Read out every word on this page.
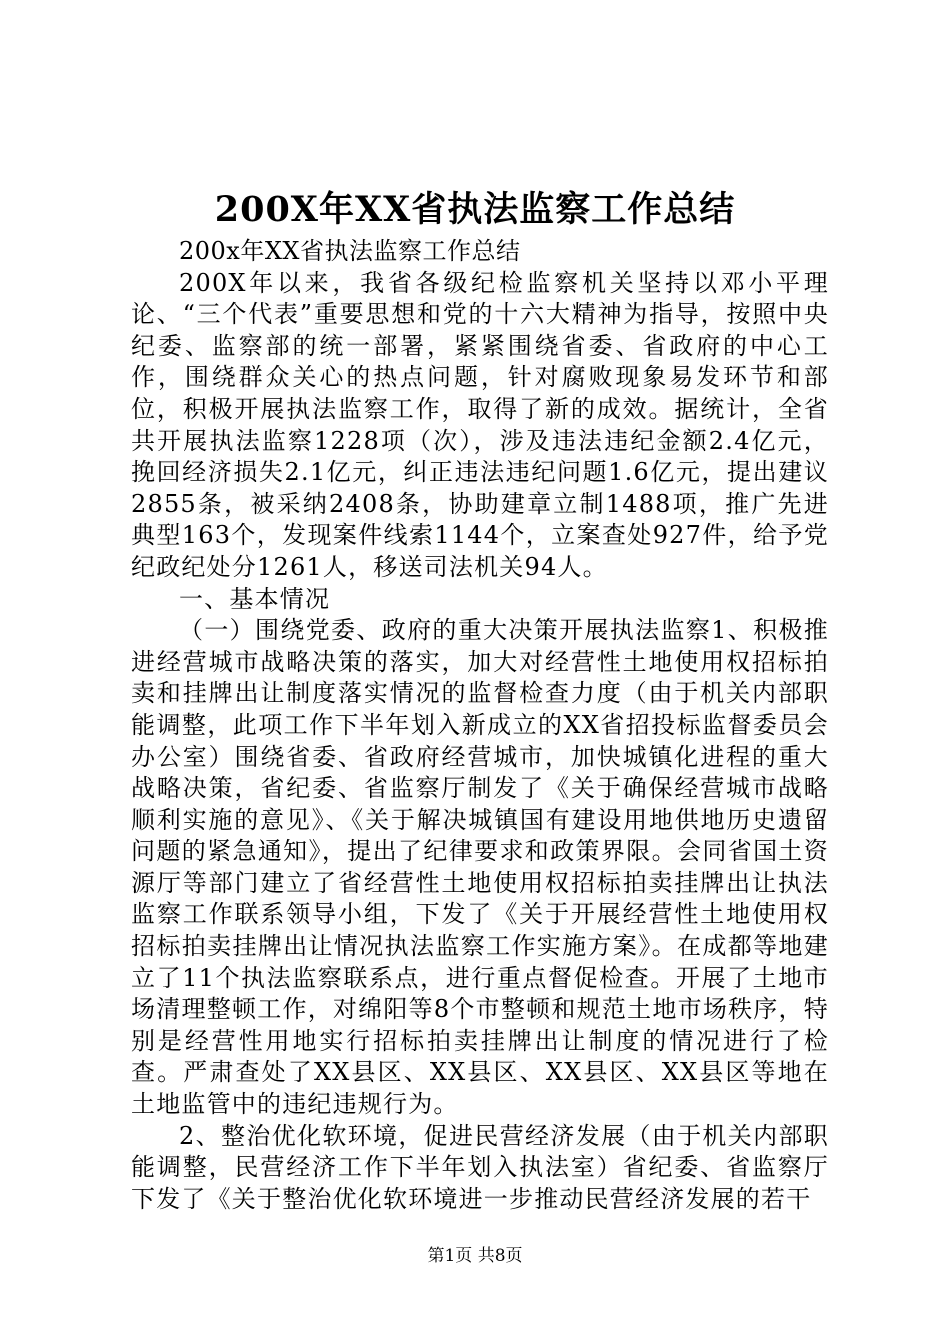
200X年XX省执法监察工作总结

200x年XX省执法监察工作总结

200X年以来，我省各级纪检监察机关坚持以邓小平理论、“三个代表”重要思想和党的十六大精神为指导，按照中央纪委、监察部的统一部署，紧紧围绕省委、省政府的中心工作，围绕群众关心的热点问题，针对腐败现象易发环节和部位，积极开展执法监察工作，取得了新的成效。据统计，全省共开展执法监察1228项（次），涉及违法违纪金额2.4亿元，挽回经济损失2.1亿元，纠正违法违纪问题1.6亿元，提出建议2855条，被采纳2408条，协助建章立制1488项，推广先进典型163个，发现案件线索1144个，立案查处927件，给予党纪政纪处分1261人，移送司法机关94人。

一、基本情况

（一）围绕党委、政府的重大决策开展执法监察1、积极推进经营城市战略决策的落实，加大对经营性土地使用权招标拍卖和挂牌出让制度落实情况的监督检查力度（由于机关内部职能调整，此项工作下半年划入新成立的XX省招投标监督委员会办公室）围绕省委、省政府经营城市，加快城镇化进程的重大战略决策，省纪委、省监察厅制发了《关于确保经营城市战略顺利实施的意见》、《关于解决城镇国有建设用地供地历史遗留问题的紧急通知》，提出了纪律要求和政策界限。会同省国土资源厅等部门建立了省经营性土地使用权招标拍卖挂牌出让执法监察工作联系领导小组，下发了《关于开展经营性土地使用权招标拍卖挂牌出让情况执法监察工作实施方案》。在成都等地建立了11个执法监察联系点，进行重点督促检查。开展了土地市场清理整顿工作，对绵阳等8个市整顿和规范土地市场秩序，特别是经营性用地实行招标拍卖挂牌出让制度的情况进行了检查。严肃查处了XX县区、XX县区、XX县区、XX县区等地在土地监管中的违纪违规行为。

2、整治优化软环境，促进民营经济发展（由于机关内部职能调整，民营经济工作下半年划入执法室）省纪委、省监察厅下发了《关于整治优化软环境进一步推动民营经济发展的若干

第1页 共8页
